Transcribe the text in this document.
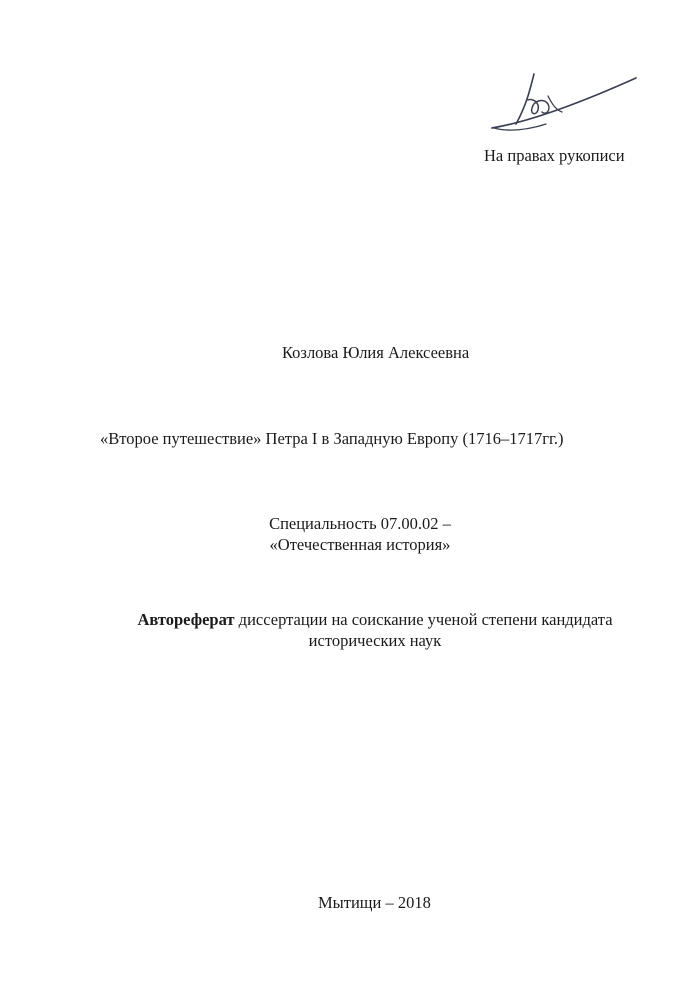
На правах рукописи
Козлова Юлия Алексеевна
«Второе путешествие» Петра I в Западную Европу (1716–1717гг.)
Специальность 07.00.02 –
«Отечественная история»
Автореферат диссертации на соискание ученой степени кандидата
исторических наук
Мытищи – 2018
